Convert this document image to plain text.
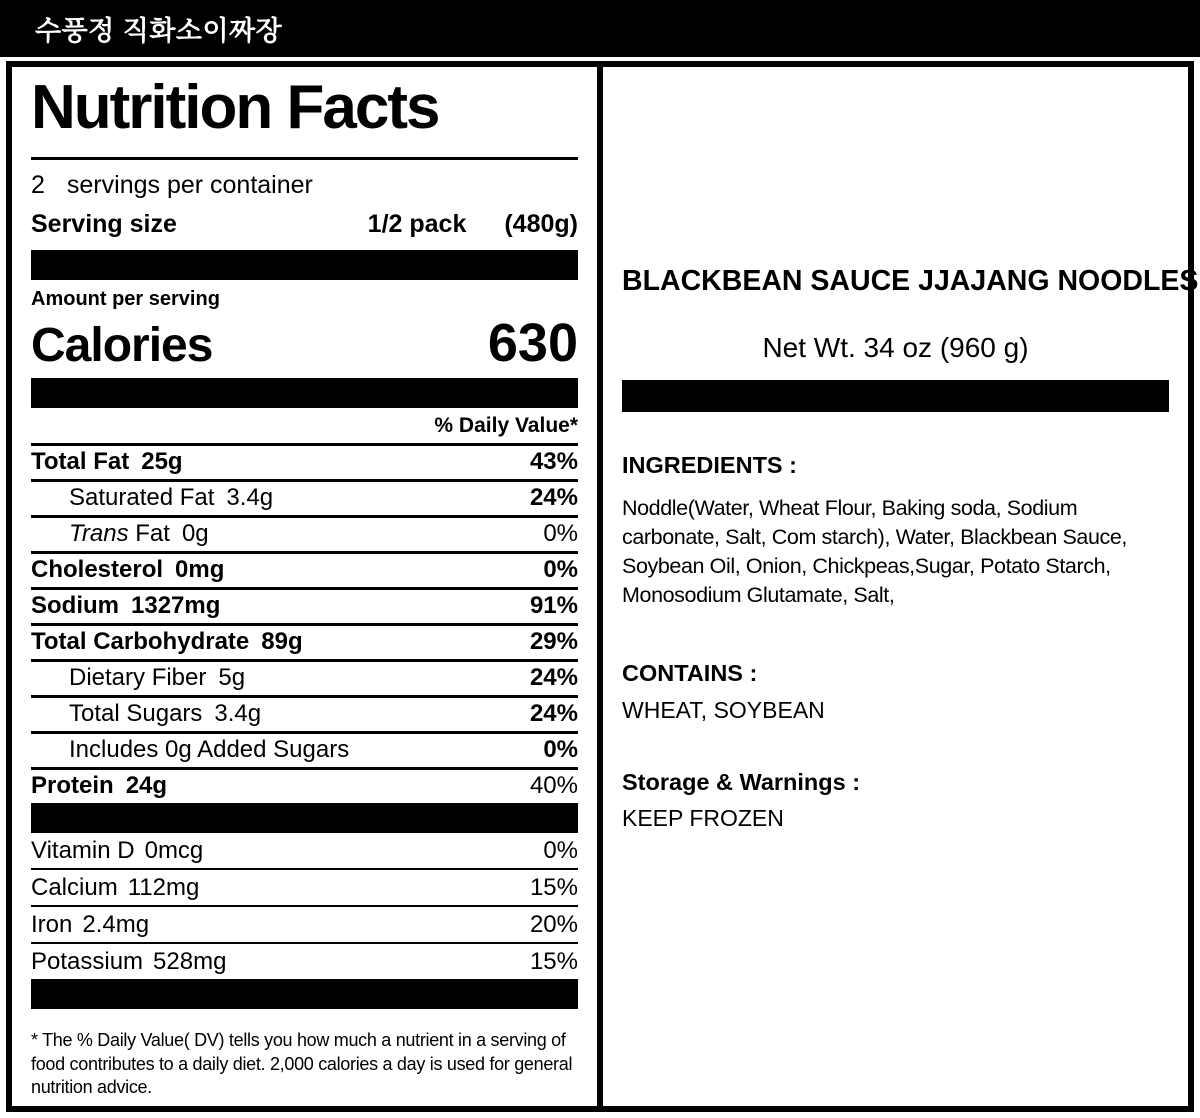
수풍정 직화소이짜장
Nutrition Facts
2 servings per container
Serving size	1/2 pack (480g)
Amount per serving
Calories	630
% Daily Value*
Total Fat 25g	43%
Saturated Fat 3.4g	24%
Trans Fat 0g	0%
Cholesterol 0mg	0%
Sodium 1327mg	91%
Total Carbohydrate 89g	29%
Dietary Fiber 5g	24%
Total Sugars 3.4g	24%
Includes 0g Added Sugars	0%
Protein 24g	40%
Vitamin D 0mcg	0%
Calcium 112mg	15%
Iron 2.4mg	20%
Potassium 528mg	15%
* The % Daily Value( DV) tells you how much a nutrient in a serving of food contributes to a daily diet. 2,000 calories a day is used for general nutrition advice.
BLACKBEAN SAUCE JJAJANG NOODLES
Net Wt. 34 oz (960 g)
INGREDIENTS :
Noddle(Water, Wheat Flour, Baking soda, Sodium carbonate, Salt, Com starch), Water, Blackbean Sauce, Soybean Oil, Onion, Chickpeas,Sugar, Potato Starch, Monosodium Glutamate, Salt,
CONTAINS :
WHEAT, SOYBEAN
Storage & Warnings :
KEEP FROZEN
